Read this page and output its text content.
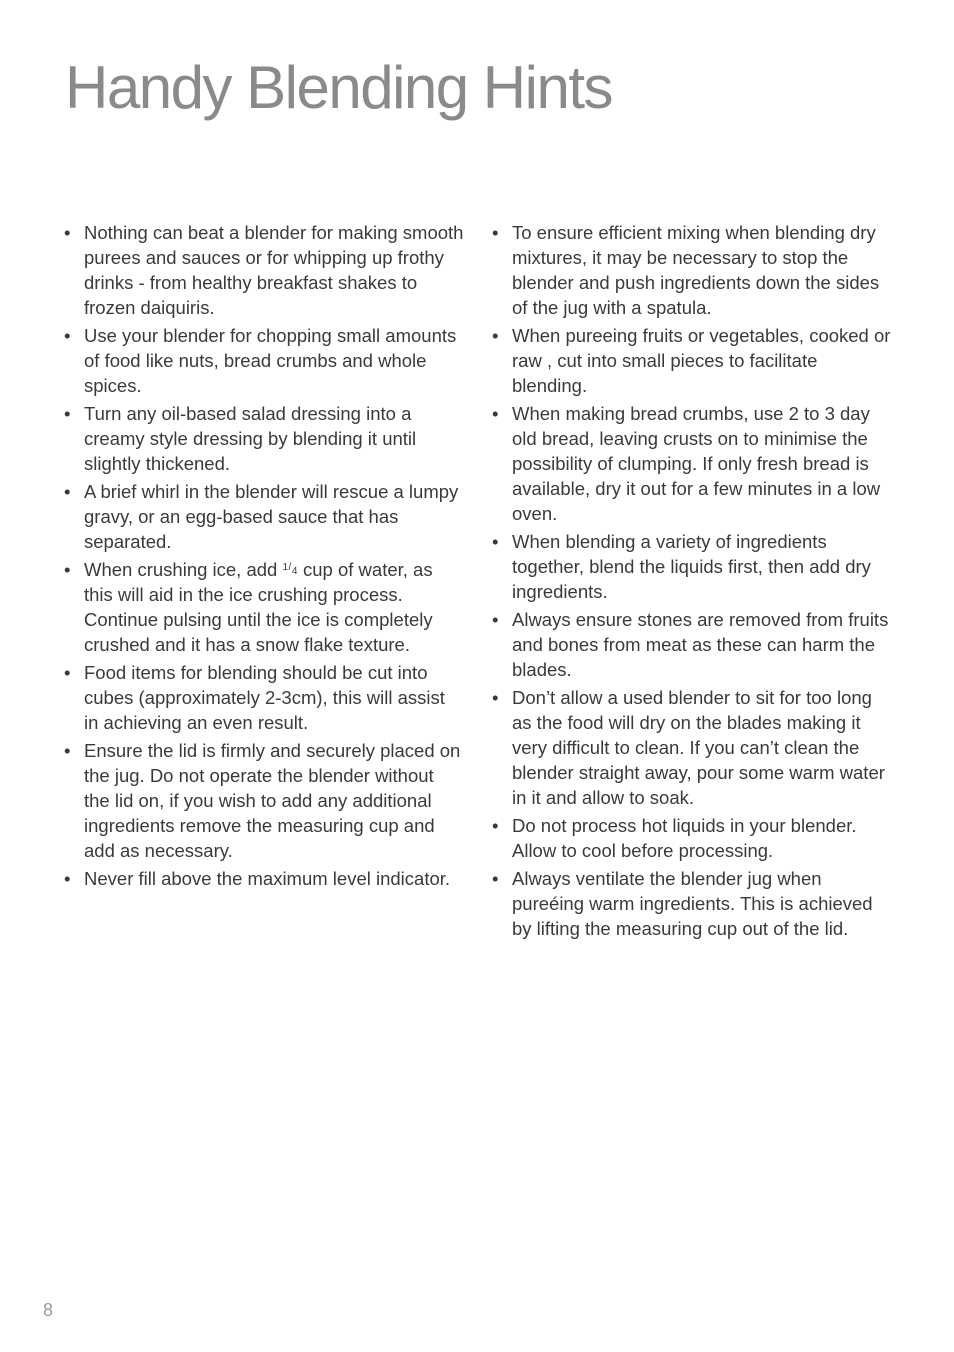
Handy Blending Hints
• Nothing can beat a blender for making smooth purees and sauces or for whipping up frothy drinks - from healthy breakfast shakes to frozen daiquiris.
• Use your blender for chopping small amounts of food like nuts, bread crumbs and whole spices.
• Turn any oil-based salad dressing into a creamy style dressing by blending it until slightly thickened.
• A brief whirl in the blender will rescue a lumpy gravy, or an egg-based sauce that has separated.
• When crushing ice, add 1/4 cup of water, as this will aid in the ice crushing process. Continue pulsing until the ice is completely crushed and it has a snow flake texture.
• Food items for blending should be cut into cubes (approximately 2-3cm), this will assist in achieving an even result.
• Ensure the lid is firmly and securely placed on the jug. Do not operate the blender without the lid on, if you wish to add any additional ingredients remove the measuring cup and add as necessary.
• Never fill above the maximum level indicator.
• To ensure efficient mixing when blending dry mixtures, it may be necessary to stop the blender and push ingredients down the sides of the jug with a spatula.
• When pureeing fruits or vegetables, cooked or raw , cut into small pieces to facilitate blending.
• When making bread crumbs, use 2 to 3 day old bread, leaving crusts on to minimise the possibility of clumping. If only fresh bread is available, dry it out for a few minutes in a low oven.
• When blending a variety of ingredients together, blend the liquids first, then add dry ingredients.
• Always ensure stones are removed from fruits and bones from meat as these can harm the blades.
• Don’t allow a used blender to sit for too long as the food will dry on the blades making it very difficult to clean. If you can’t clean the blender straight away, pour some warm water in it and allow to soak.
• Do not process hot liquids in your blender. Allow to cool before processing.
• Always ventilate the blender jug when pureéing warm ingredients. This is achieved by lifting the measuring cup out of the lid.
8
